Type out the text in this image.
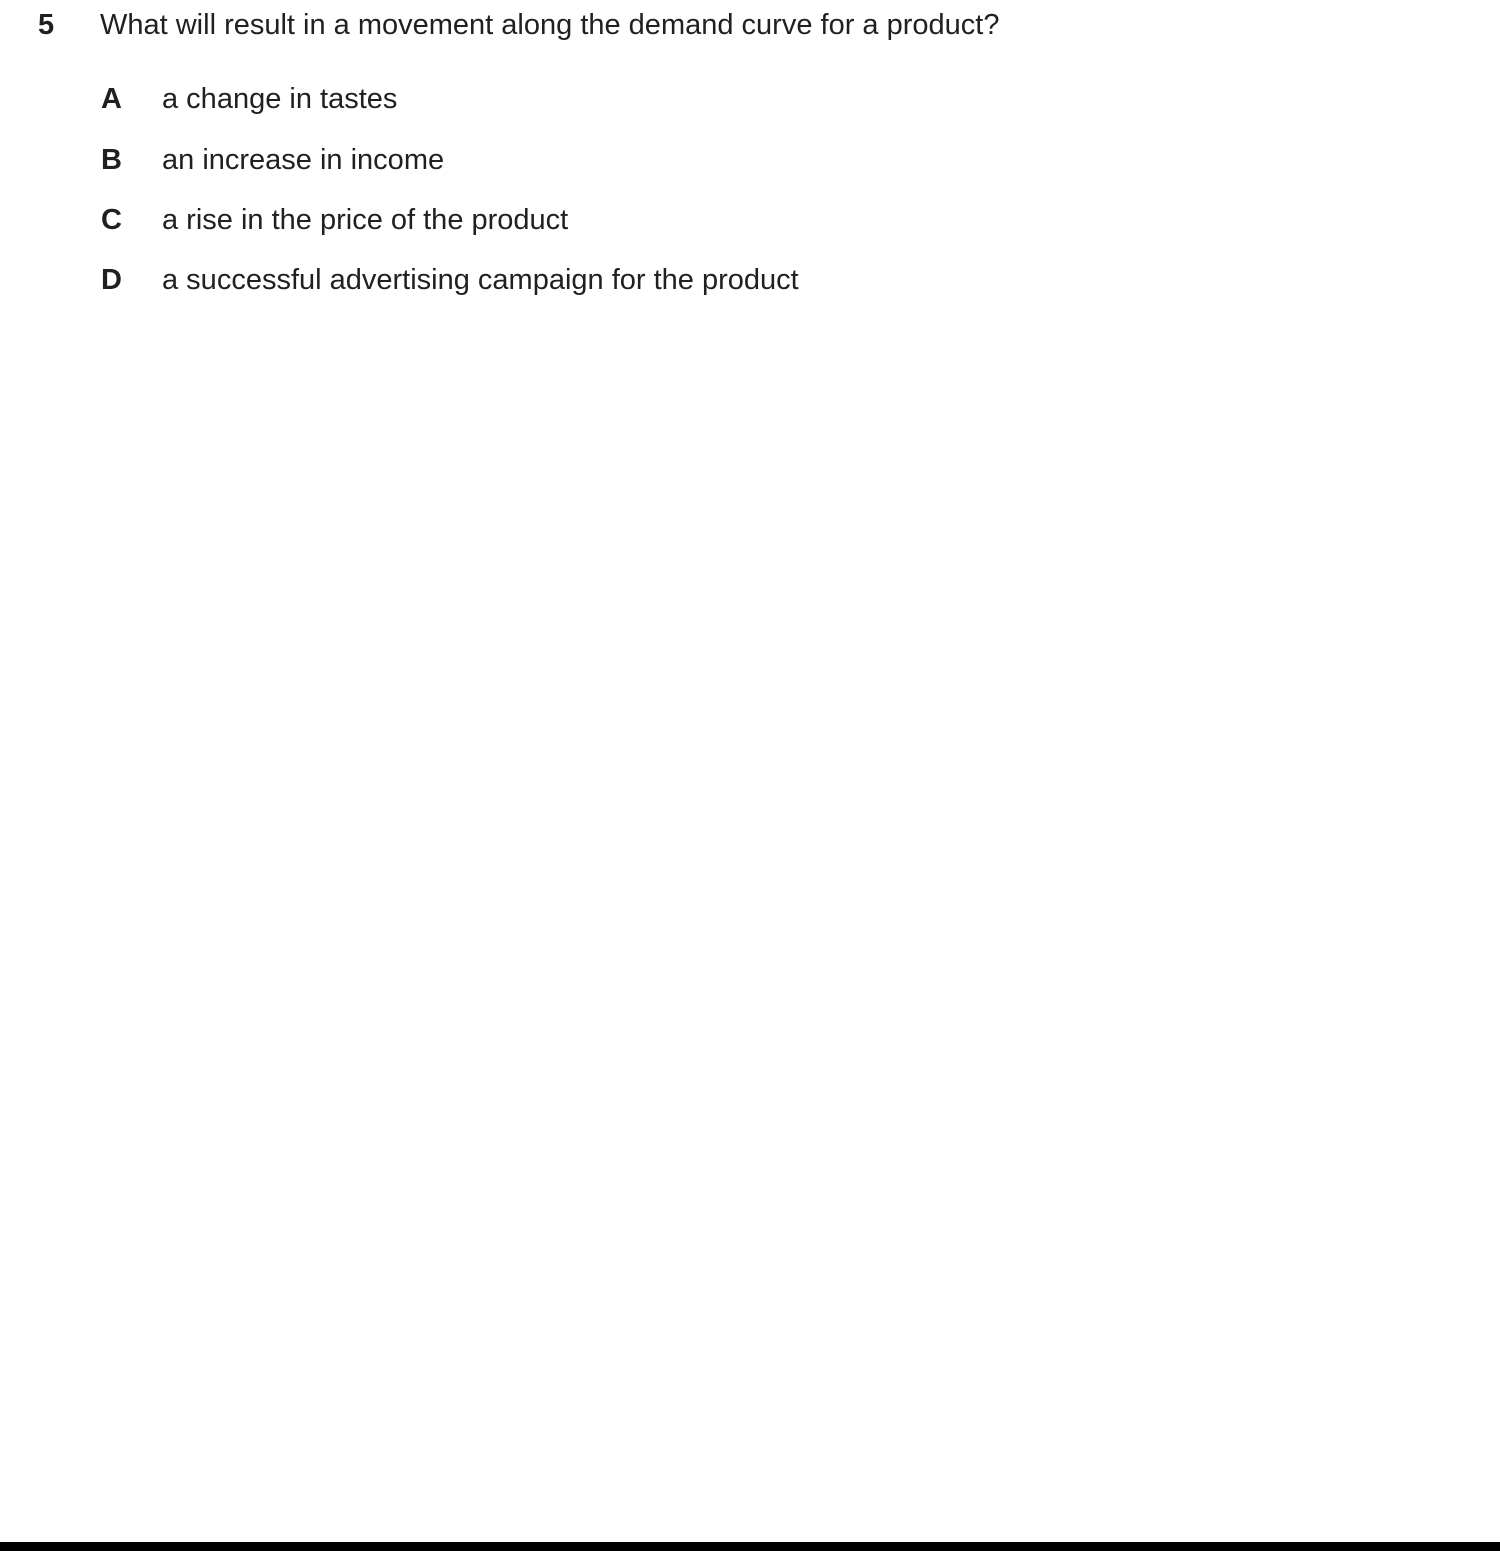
5 What will result in a movement along the demand curve for a product?
A a change in tastes
B an increase in income
C a rise in the price of the product
D a successful advertising campaign for the product
